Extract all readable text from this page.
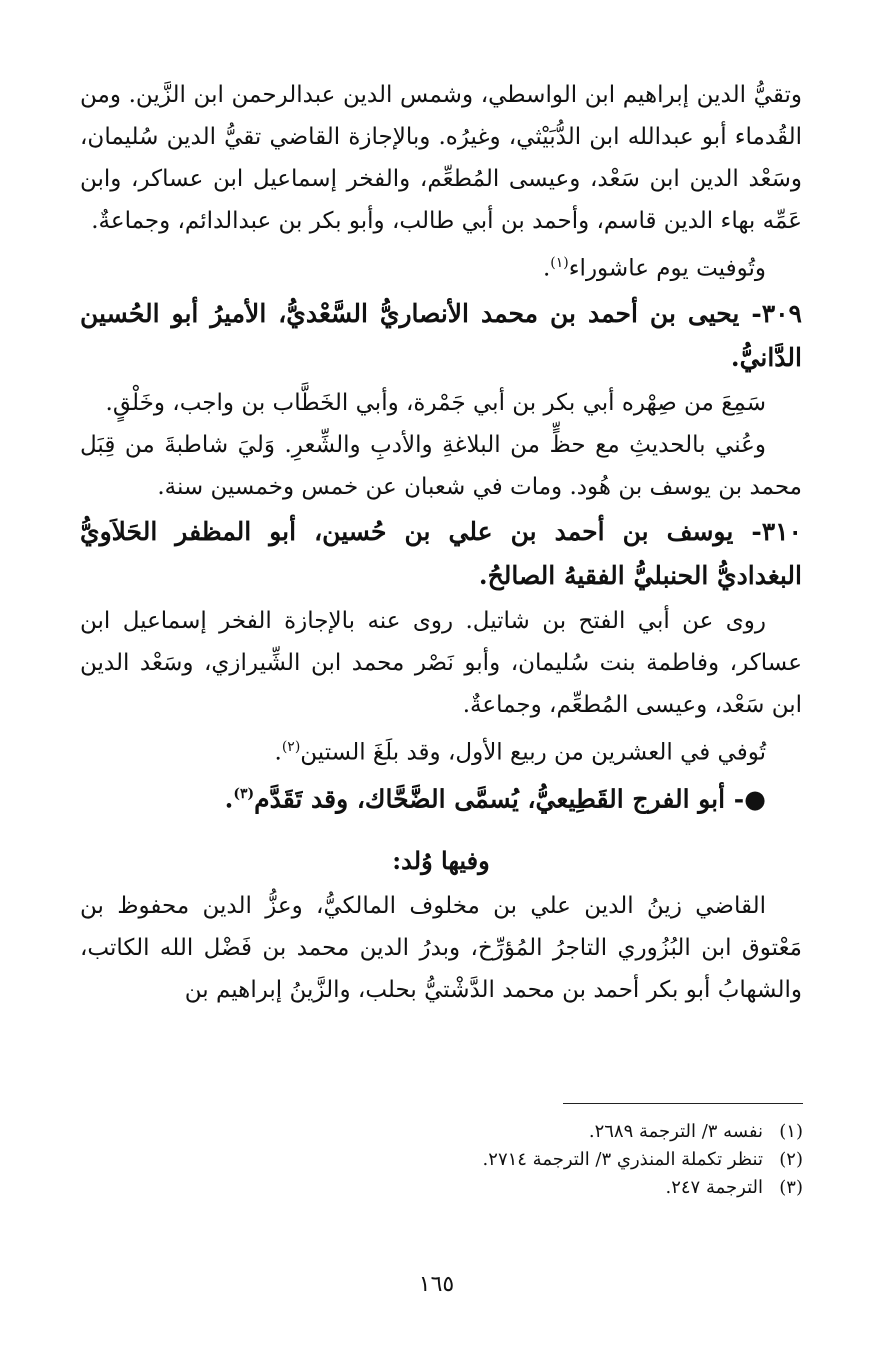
وتقيُّ الدين إبراهيم ابن الواسطي، وشمس الدين عبدالرحمن ابن الزَّين. ومن القُدماء أبو عبدالله ابن الدُّبَيْثي، وغيرُه. وبالإجازة القاضي تقيُّ الدين سُليمان، وسَعْد الدين ابن سَعْد، وعيسى المُطعِّم، والفخر إسماعيل ابن عساكر، وابن عَمِّه بهاء الدين قاسم، وأحمد بن أبي طالب، وأبو بكر بن عبدالدائم، وجماعةٌ.

وتُوفيت يوم عاشوراء$^{(١)}$.

٣٠٩- يحيى بن أحمد بن محمد الأنصاريُّ السَّعْديُّ، الأميرُ أبو الحُسين الدَّانيُّ.

سَمِعَ من صِهْره أبي بكر بن أبي جَمْرة، وأبي الخَطَّاب بن واجب، وخَلْقٍ.

وعُني بالحديثِ مع حظٍّ من البلاغةِ والأدبِ والشِّعرِ. وَليَ شاطبةَ من قِبَل محمد بن يوسف بن هُود. ومات في شعبان عن خمس وخمسين سنة.

٣١٠- يوسف بن أحمد بن علي بن حُسين، أبو المظفر الحَلاَويُّ البغداديُّ الحنبليُّ الفقيهُ الصالحُ.

روى عن أبي الفتح بن شاتيل. روى عنه بالإجازة الفخر إسماعيل ابن عساكر، وفاطمة بنت سُليمان، وأبو نَصْر محمد ابن الشِّيرازي، وسَعْد الدين ابن سَعْد، وعيسى المُطعِّم، وجماعةٌ.

تُوفي في العشرين من ربيع الأول، وقد بلَغَ الستين$^{(٢)}$.

●- أبو الفرج القَطِيعيُّ، يُسمَّى الضَّحَّاك، وقد تَقَدَّم$^{(٣)}$.

وفيها وُلد:

القاضي زينُ الدين علي بن مخلوف المالكيُّ، وعزُّ الدين محفوظ بن مَعْتوق ابن البُزُوري التاجرُ المُؤرِّخ، وبدرُ الدين محمد بن فَضْل الله الكاتب، والشهابُ أبو بكر أحمد بن محمد الدَّشْتيُّ بحلب، والزَّينُ إبراهيم بن

(١)نفسه ٣/ الترجمة ٢٦٨٩.

(٢)تنظر تكملة المنذري ٣/ الترجمة ٢٧١٤.

(٣)الترجمة ٢٤٧.

١٦٥
